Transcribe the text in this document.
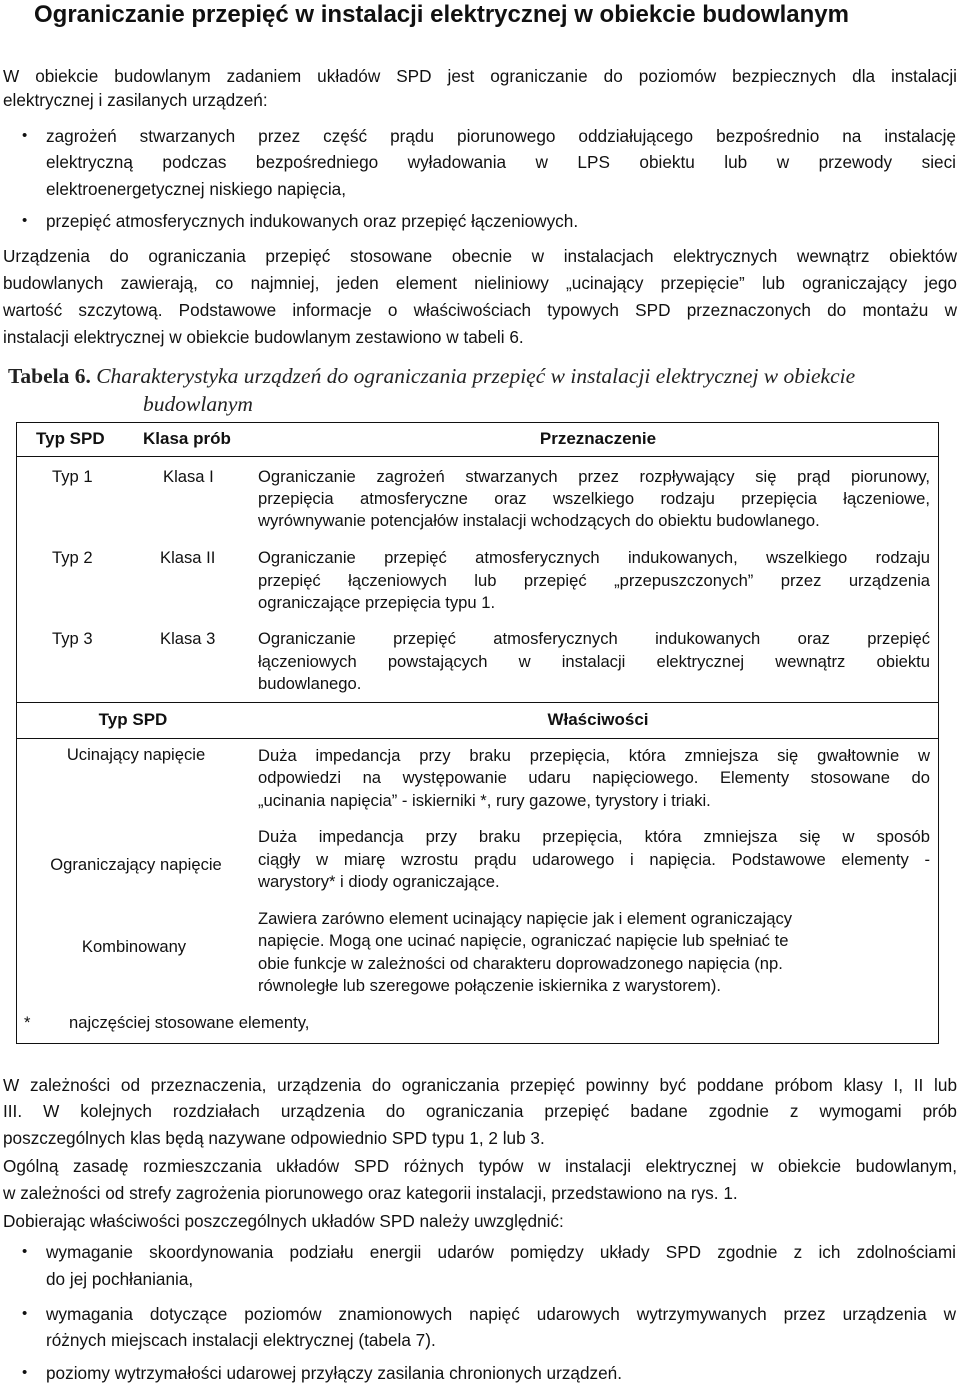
Ograniczanie przepięć w instalacji elektrycznej w obiekcie budowlanym
W obiekcie budowlanym zadaniem układów SPD jest ograniczanie do poziomów bezpiecznych dla instalacji
elektrycznej i zasilanych urządzeń:
• zagrożeń stwarzanych przez część prądu piorunowego oddziałującego bezpośrednio na instalację
elektryczną podczas bezpośredniego wyładowania w LPS obiektu lub w przewody sieci
elektroenergetycznej niskiego napięcia,
• przepięć atmosferycznych indukowanych oraz przepięć łączeniowych.
Urządzenia do ograniczania przepięć stosowane obecnie w instalacjach elektrycznych wewnątrz obiektów
budowlanych zawierają, co najmniej, jeden element nieliniowy „ucinający przepięcie” lub ograniczający jego
wartość szczytową. Podstawowe informacje o właściwościach typowych SPD przeznaczonych do montażu w
instalacji elektrycznej w obiekcie budowlanym zestawiono w tabeli 6.
Tabela 6. Charakterystyka urządzeń do ograniczania przepięć w instalacji elektrycznej w obiekcie
budowlanym
Typ SPD Klasa prób	Przeznaczenie
Typ 1	Klasa I	Ograniczanie zagrożeń stwarzanych przez rozpływający się prąd piorunowy,
przepięcia atmosferyczne oraz wszelkiego rodzaju przepięcia łączeniowe,
wyrównywanie potencjałów instalacji wchodzących do obiektu budowlanego.
Typ 2	Klasa II	Ograniczanie przepięć atmosferycznych indukowanych, wszelkiego rodzaju
przepięć łączeniowych lub przepięć „przepuszczonych” przez urządzenia
ograniczające przepięcia typu 1.
Typ 3	Klasa 3	Ograniczanie przepięć atmosferycznych indukowanych oraz przepięć
łączeniowych powstających w instalacji elektrycznej wewnątrz obiektu
budowlanego.
Typ SPD	Właściwości
Ucinający napięcie	Duża impedancja przy braku przepięcia, która zmniejsza się gwałtownie w
odpowiedzi na występowanie udaru napięciowego. Elementy stosowane do
„ucinania napięcia” - iskierniki *, rury gazowe, tyrystory i triaki.
Ograniczający napięcie
Duża impedancja przy braku przepięcia, która zmniejsza się w sposób
ciągły w miarę wzrostu prądu udarowego i napięcia. Podstawowe elementy -
warystory* i diody ograniczające.
Kombinowany
Zawiera zarówno element ucinający napięcie jak i element ograniczający
napięcie. Mogą one ucinać napięcie, ograniczać napięcie lub spełniać te
obie funkcje w zależności od charakteru doprowadzonego napięcia (np.
równoległe lub szeregowe połączenie iskiernika z warystorem).
* najczęściej stosowane elementy,
W zależności od przeznaczenia, urządzenia do ograniczania przepięć powinny być poddane próbom klasy I, II lub
III. W kolejnych rozdziałach urządzenia do ograniczania przepięć badane zgodnie z wymogami prób
poszczególnych klas będą nazywane odpowiednio SPD typu 1, 2 lub 3.
Ogólną zasadę rozmieszczania układów SPD różnych typów w instalacji elektrycznej w obiekcie budowlanym,
w zależności od strefy zagrożenia piorunowego oraz kategorii instalacji, przedstawiono na rys. 1.
Dobierając właściwości poszczególnych układów SPD należy uwzględnić:
• wymaganie skoordynowania podziału energii udarów pomiędzy układy SPD zgodnie z ich zdolnościami
do jej pochłaniania,
• wymagania dotyczące poziomów znamionowych napięć udarowych wytrzymywanych przez urządzenia w
różnych miejscach instalacji elektrycznej (tabela 7).
• poziomy wytrzymałości udarowej przyłączy zasilania chronionych urządzeń.
